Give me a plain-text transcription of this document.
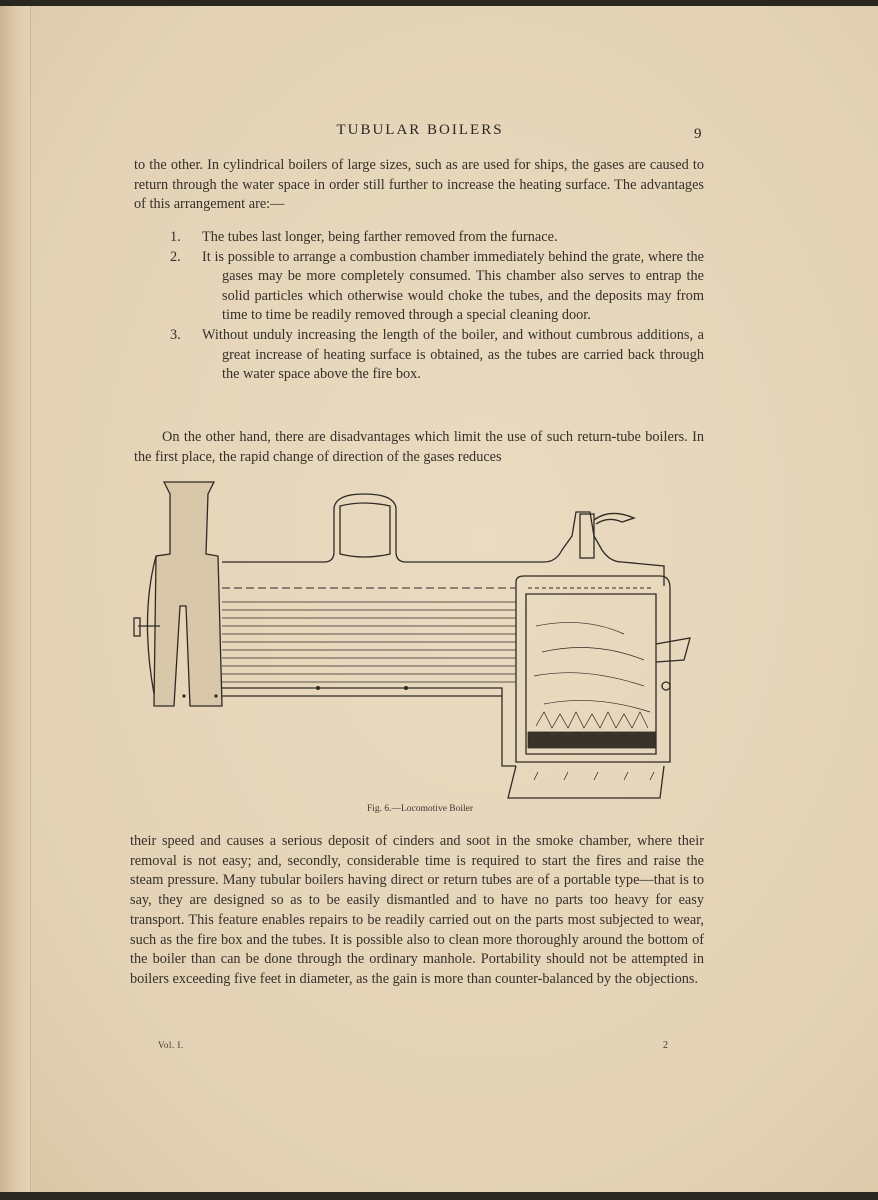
TUBULAR BOILERS	9
to the other. In cylindrical boilers of large sizes, such as are used for ships, the gases are caused to return through the water space in order still further to increase the heating surface. The advantages of this arrangement are:—
1.	The tubes last longer, being farther removed from the furnace.
2.	It is possible to arrange a combustion chamber immediately behind the grate, where the gases may be more completely consumed. This chamber also serves to entrap the solid particles which otherwise would choke the tubes, and the deposits may from time to time be readily removed through a special cleaning door.
3.	Without unduly increasing the length of the boiler, and without cumbrous additions, a great increase of heating surface is obtained, as the tubes are carried back through the water space above the fire box.
On the other hand, there are disadvantages which limit the use of such return-tube boilers. In the first place, the rapid change of direction of the gases reduces
Fig. 6.—Locomotive Boiler
their speed and causes a serious deposit of cinders and soot in the smoke chamber, where their removal is not easy; and, secondly, considerable time is required to start the fires and raise the steam pressure. Many tubular boilers having direct or return tubes are of a portable type—that is to say, they are designed so as to be easily dismantled and to have no parts too heavy for easy transport. This feature enables repairs to be readily carried out on the parts most subjected to wear, such as the fire box and the tubes. It is possible also to clean more thoroughly around the bottom of the boiler than can be done through the ordinary manhole. Portability should not be attempted in boilers exceeding five feet in diameter, as the gain is more than counter-balanced by the objections.
Vol. I.	2
